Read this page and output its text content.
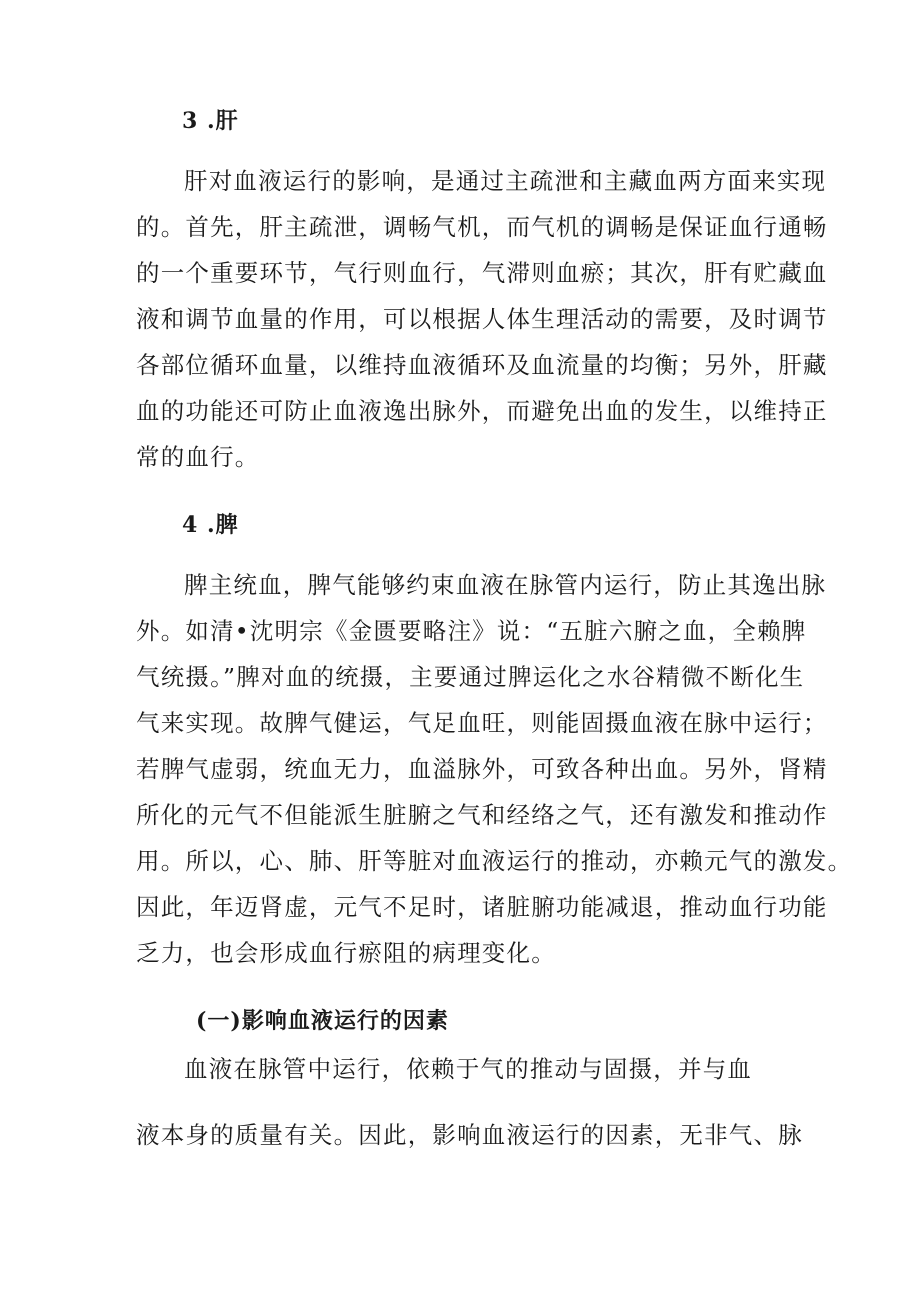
3 .肝
肝对血液运行的影响，是通过主疏泄和主藏血两方面来实现
的。首先，肝主疏泄，调畅气机，而气机的调畅是保证血行通畅
的一个重要环节，气行则血行，气滞则血瘀；其次，肝有贮藏血
液和调节血量的作用，可以根据人体生理活动的需要，及时调节
各部位循环血量，以维持血液循环及血流量的均衡；另外，肝藏
血的功能还可防止血液逸出脉外，而避免出血的发生，以维持正
常的血行。
4 .脾
脾主统血，脾气能够约束血液在脉管内运行，防止其逸出脉
外。如清•沈明宗《金匮要略注》说：“五脏六腑之血，全赖脾
气统摄。”脾对血的统摄，主要通过脾运化之水谷精微不断化生
气来实现。故脾气健运，气足血旺，则能固摄血液在脉中运行；
若脾气虚弱，统血无力，血溢脉外，可致各种出血。另外，肾精
所化的元气不但能派生脏腑之气和经络之气，还有激发和推动作
用。所以，心、肺、肝等脏对血液运行的推动，亦赖元气的激发。
因此，年迈肾虚，元气不足时，诸脏腑功能减退，推动血行功能
乏力，也会形成血行瘀阻的病理变化。
(一)影响血液运行的因素
血液在脉管中运行，依赖于气的推动与固摄，并与血
液本身的质量有关。因此，影响血液运行的因素，无非气、脉
